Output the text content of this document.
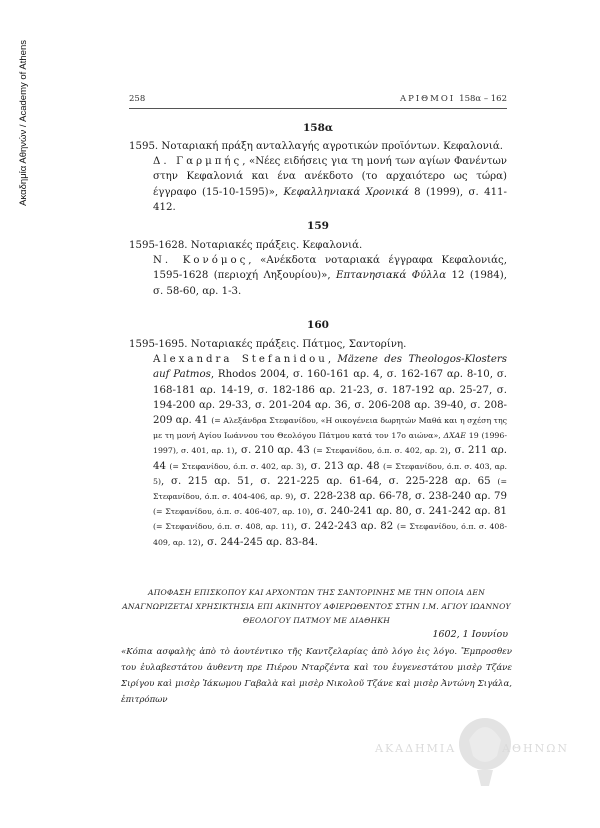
Ακαδημία Αθηνών / Academy of Athens	258	ΑΡΙΘΜΟΙ 158α – 162
158α

1595. Νοταριακή πράξη ανταλλαγής αγροτικών προϊόντων. Κεφαλονιά.

Δ. Γαρμπής, «Νέες ειδήσεις για τη μονή των αγίων Φανέντων στην Κεφαλονιά και ένα ανέκδοτο (το αρχαιότερο ως τώρα) έγγραφο (15-10-1595)», Κεφαλληνιακά Χρονικά 8 (1999), σ. 411-412.

159

1595-1628. Νοταριακές πράξεις. Κεφαλονιά.

Ν. Κονόμος, «Ανέκδοτα νοταριακά έγγραφα Κεφαλονιάς, 1595-1628 (περιοχή Ληξουρίου)», Επτανησιακά Φύλλα 12 (1984), σ. 58-60, αρ. 1-3.

160

1595-1695. Νοταριακές πράξεις. Πάτμος, Σαντορίνη.

Alexandra Stefanidou, Mäzene des Theologos-Klosters auf Patmos, Rhodos 2004, σ. 160-161 αρ. 4, σ. 162-167 αρ. 8-10, σ. 168-181 αρ. 14-19, σ. 182-186 αρ. 21-23, σ. 187-192 αρ. 25-27, σ. 194-200 αρ. 29-33, σ. 201-204 αρ. 36, σ. 206-208 αρ. 39-40, σ. 208-209 αρ. 41 (= Αλεξάνδρα Στεφανίδου, «Η οικογένεια δωρητών Μαθά και η σχέση της με τη μονή Αγίου Ιωάννου του Θεολόγου Πάτμου κατά τον 17ο αιώνα», ΔΧΑΕ 19 (1996-1997), σ. 401, αρ. 1), σ. 210 αρ. 43 (= Στεφανίδου, ό.π. σ. 402, αρ. 2), σ. 211 αρ. 44 (= Στεφανίδου, ό.π. σ. 402, αρ. 3), σ. 213 αρ. 48 (= Στεφανίδου, ό.π. σ. 403, αρ. 5), σ. 215 αρ. 51, σ. 221-225 αρ. 61-64, σ. 225-228 αρ. 65 (= Στεφανίδου, ό.π. σ. 404-406, αρ. 9), σ. 228-238 αρ. 66-78, σ. 238-240 αρ. 79 (= Στεφανίδου, ό.π. σ. 406-407, αρ. 10), σ. 240-241 αρ. 80, σ. 241-242 αρ. 81 (= Στεφανίδου, ό.π. σ. 408, αρ. 11), σ. 242-243 αρ. 82 (= Στεφανίδου, ό.π. σ. 408-409, αρ. 12), σ. 244-245 αρ. 83-84.

ΑΠΟΦΑΣΗ ΕΠΙΣΚΟΠΟΥ ΚΑΙ ΑΡΧΟΝΤΩΝ ΤΗΣ ΣΑΝΤΟΡΙΝΗΣ ΜΕ ΤΗΝ ΟΠΟΙΑ ΔΕΝ ΑΝΑΓΝΩΡΙΖΕΤΑΙ ΧΡΗΣΙΚΤΗΣΙΑ ΕΠΙ ΑΚΙΝΗΤΟΥ ΑΦΙΕΡΩΘΕΝΤΟΣ ΣΤΗΝ Ι.Μ. ΑΓΙΟΥ ΙΩΑΝΝΟΥ ΘΕΟΛΟΓΟΥ ΠΑΤΜΟΥ ΜΕ ΔΙΑΘΗΚΗ
1602, 1 Ιουνίου
«Κόπια ασφαλὴς ἀπὸ τὸ ἀουτέντικο τῆς Καντζελαρίας ἀπὸ λόγο ἐις λόγο. Ἔμπροσθεν του ἐυλαβεστάτου ἀυθεντη πρε Πιέρου Νταρζέντα καὶ του ἐυγενεστάτου μισὲρ Τζάνε Σιρίγου καὶ μισὲρ Ἰάκωμου Γαβαλὰ καὶ μισὲρ Νικολοῦ Τζάνε καὶ μισὲρ Ἀντώνη Σιγάλα, ἐπιτρόπων
ΑΚΑΔΗΜΙΑ	ΑΘΗΝΩΝ
